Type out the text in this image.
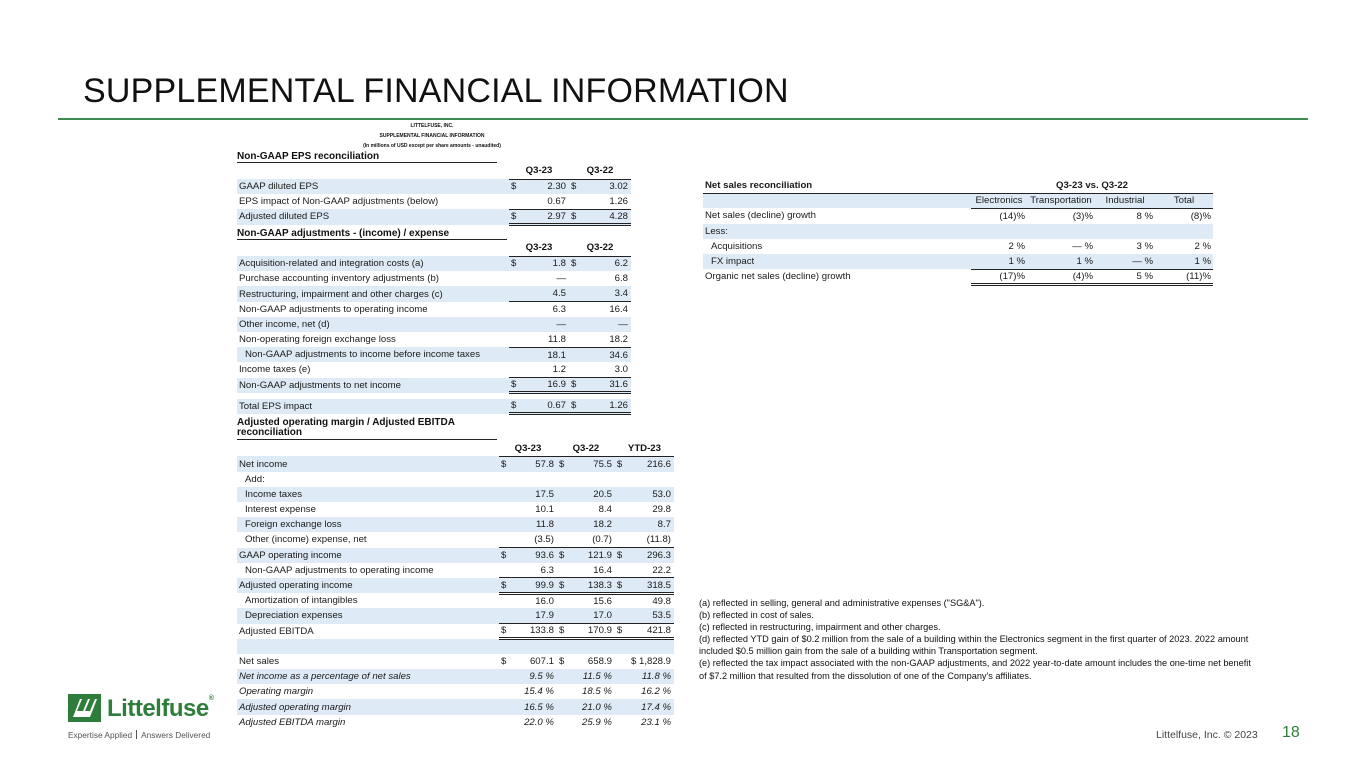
SUPPLEMENTAL FINANCIAL INFORMATION
LITTELFUSE, INC.
SUPPLEMENTAL FINANCIAL INFORMATION
(In millions of USD except per share amounts - unaudited)
Non-GAAP EPS reconciliation
	Q3-23		Q3-22	
GAAP diluted EPS	$	2.30	$	3.02
EPS impact of Non-GAAP adjustments (below)		0.67		1.26
Adjusted diluted EPS	$	2.97	$	4.28
Non-GAAP adjustments - (income) / expense
	Q3-23		Q3-22	
Acquisition-related and integration costs (a)	$	1.8	$	6.2
Purchase accounting inventory adjustments (b)		—		6.8
Restructuring, impairment and other charges (c)		4.5		3.4
Non-GAAP adjustments to operating income		6.3		16.4
Other income, net (d)		—		—
Non-operating foreign exchange loss		11.8		18.2
Non-GAAP adjustments to income before income taxes		18.1		34.6
Income taxes (e)		1.2		3.0
Non-GAAP adjustments to net income	$	16.9	$	31.6

Total EPS impact	$	0.67	$	1.26
Adjusted operating margin / Adjusted EBITDA reconciliation
	Q3-23		Q3-22		YTD-23	
Net income	$	57.8	$	75.5	$	216.6
Add:						
Income taxes		17.5		20.5		53.0
Interest expense		10.1		8.4		29.8
Foreign exchange loss		11.8		18.2		8.7
Other (income) expense, net		(3.5)		(0.7)		(11.8)
GAAP operating income	$	93.6	$	121.9	$	296.3
Non-GAAP adjustments to operating income		6.3		16.4		22.2
Adjusted operating income	$	99.9	$	138.3	$	318.5
Amortization of intangibles		16.0		15.6		49.8
Depreciation expenses		17.9		17.0		53.5
Adjusted EBITDA	$	133.8	$	170.9	$	421.8

Net sales	$	607.1	$	658.9		$ 1,828.9
Net income as a percentage of net sales		9.5 %		11.5 %		11.8 %
Operating margin		15.4 %		18.5 %		16.2 %
Adjusted operating margin		16.5 %		21.0 %		17.4 %
Adjusted EBITDA margin		22.0 %		25.9 %		23.1 %
Net sales reconciliation	Q3-23 vs. Q3-22			
	Electronics	Transportation	Industrial	Total
Net sales (decline) growth	(14)%	(3)%	8 %	(8)%
Less:				
Acquisitions	2 %	— %	3 %	2 %
FX impact	1 %	1 %	— %	1 %
Organic net sales (decline) growth	(17)%	(4)%	5 %	(11)%
(a) reflected in selling, general and administrative expenses ("SG&A").
(b) reflected in cost of sales.
(c) reflected in restructuring, impairment and other charges.
(d) reflected YTD gain of $0.2 million from the sale of a building within the Electronics segment in the first quarter of 2023. 2022 amount
included $0.5 million gain from the sale of a building within Transportation segment.
(e) reflected the tax impact associated with the non-GAAP adjustments, and 2022 year-to-date amount includes the one-time net benefit
of $7.2 million that resulted from the dissolution of one of the Company's affiliates.
Littelfuse®
Expertise Applied Answers Delivered	Littelfuse, Inc. © 2023 18
